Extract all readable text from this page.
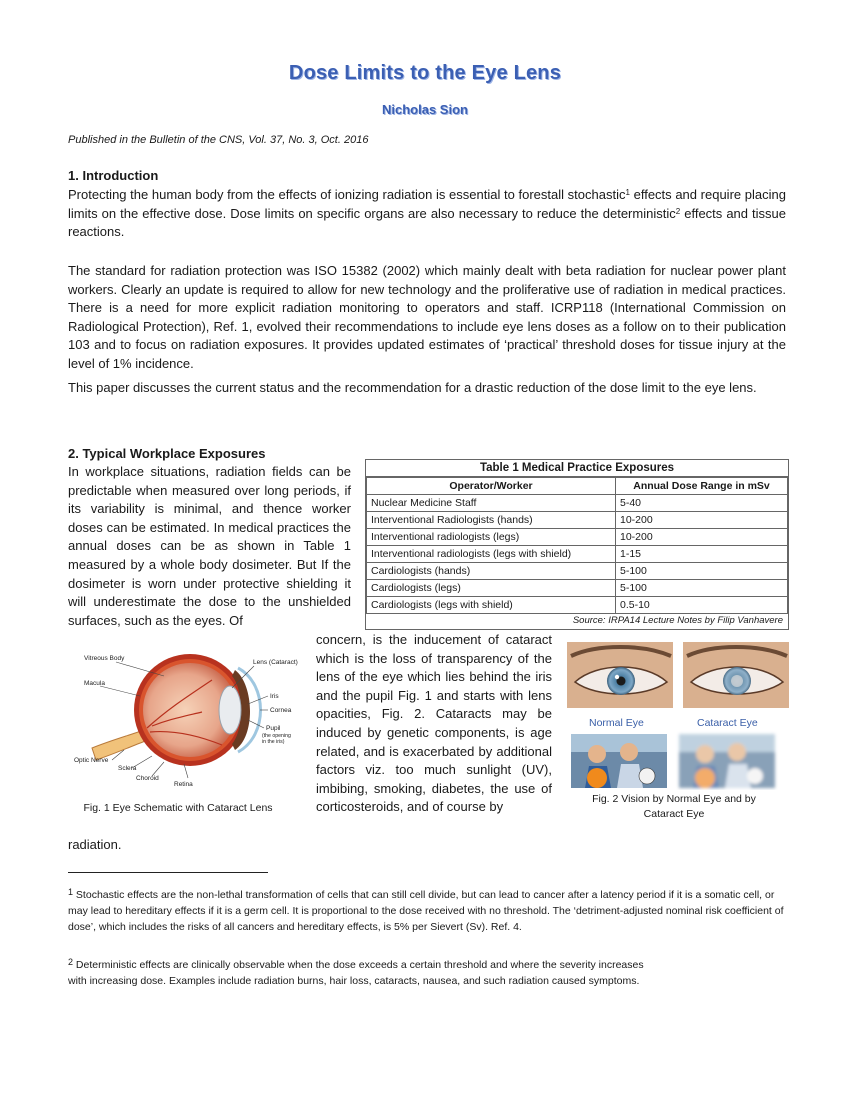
Dose Limits to the Eye Lens
Nicholas Sion
Published in the Bulletin of the CNS, Vol. 37, No. 3, Oct. 2016
1. Introduction

Protecting the human body from the effects of ionizing radiation is essential to forestall stochastic$^1$ effects and require placing limits on the effective dose. Dose limits on specific organs are also necessary to reduce the deterministic$^2$ effects and tissue reactions.

The standard for radiation protection was ISO 15382 (2002) which mainly dealt with beta radiation for nuclear power plant workers. Clearly an update is required to allow for new technology and the proliferative use of radiation in medical practices. There is a need for more explicit radiation monitoring to operators and staff. ICRP118 (International Commission on Radiological Protection), Ref. 1, evolved their recommendations to include eye lens doses as a follow on to their publication 103 and to focus on radiation exposures. It provides updated estimates of ‘practical’ threshold doses for tissue injury at the level of 1% incidence.

This paper discusses the current status and the recommendation for a drastic reduction of the dose limit to the eye lens.

2. Typical Workplace Exposures

In workplace situations, radiation fields can be predictable when measured over long periods, if its variability is minimal, and thence worker doses can be estimated. In medical practices the annual doses can be as shown in Table 1 measured by a whole body dosimeter. But If the dosimeter is worn under protective shielding it will underestimate the dose to the unshielded surfaces, such as the eyes. Of

concern, is the inducement of cataract which is the loss of transparency of the lens of the eye which lies behind the iris and the pupil Fig. 1 and starts with lens opacities, Fig. 2. Cataracts may be induced by genetic components, is age related, and is exacerbated by additional factors viz. too much sunlight (UV), imbibing, smoking, diabetes, the use of corticosteroids, and of course by

radiation.
Table 1 Medical Practice Exposures
Operator/Worker	Annual Dose Range in mSv
Nuclear Medicine Staff	5-40
Interventional Radiologists (hands)	10-200
Interventional radiologists (legs)	10-200
Interventional radiologists (legs with shield)	1-15
Cardiologists (hands)	5-100
Cardiologists (legs)	5-100
Cardiologists (legs with shield)	0.5-10
Source: IRPA14 Lecture Notes by Filip Vanhavere
Vitreous Body
Macula
Optic Nerve
Sclera
Choroid
Retina
Lens (Cataract)
Iris
Cornea
Pupil
(the opening
in the iris)
Fig. 1 Eye Schematic with Cataract Lens
Normal Eye	Cataract Eye
Fig. 2 Vision by Normal Eye and by Cataract Eye

$^1$ Stochastic effects are the non-lethal transformation of cells that can still cell divide, but can lead to cancer after a latency period if it is a somatic cell, or may lead to hereditary effects if it is a germ cell. It is proportional to the dose received with no threshold. The ‘detriment-adjusted nominal risk coefficient of dose’, which includes the risks of all cancers and hereditary effects, is 5% per Sievert (Sv). Ref. 4.

$^2$ Deterministic effects are clinically observable when the dose exceeds a certain threshold and where the severity increases with increasing dose. Examples include radiation burns, hair loss, cataracts, nausea, and such radiation caused symptoms.
